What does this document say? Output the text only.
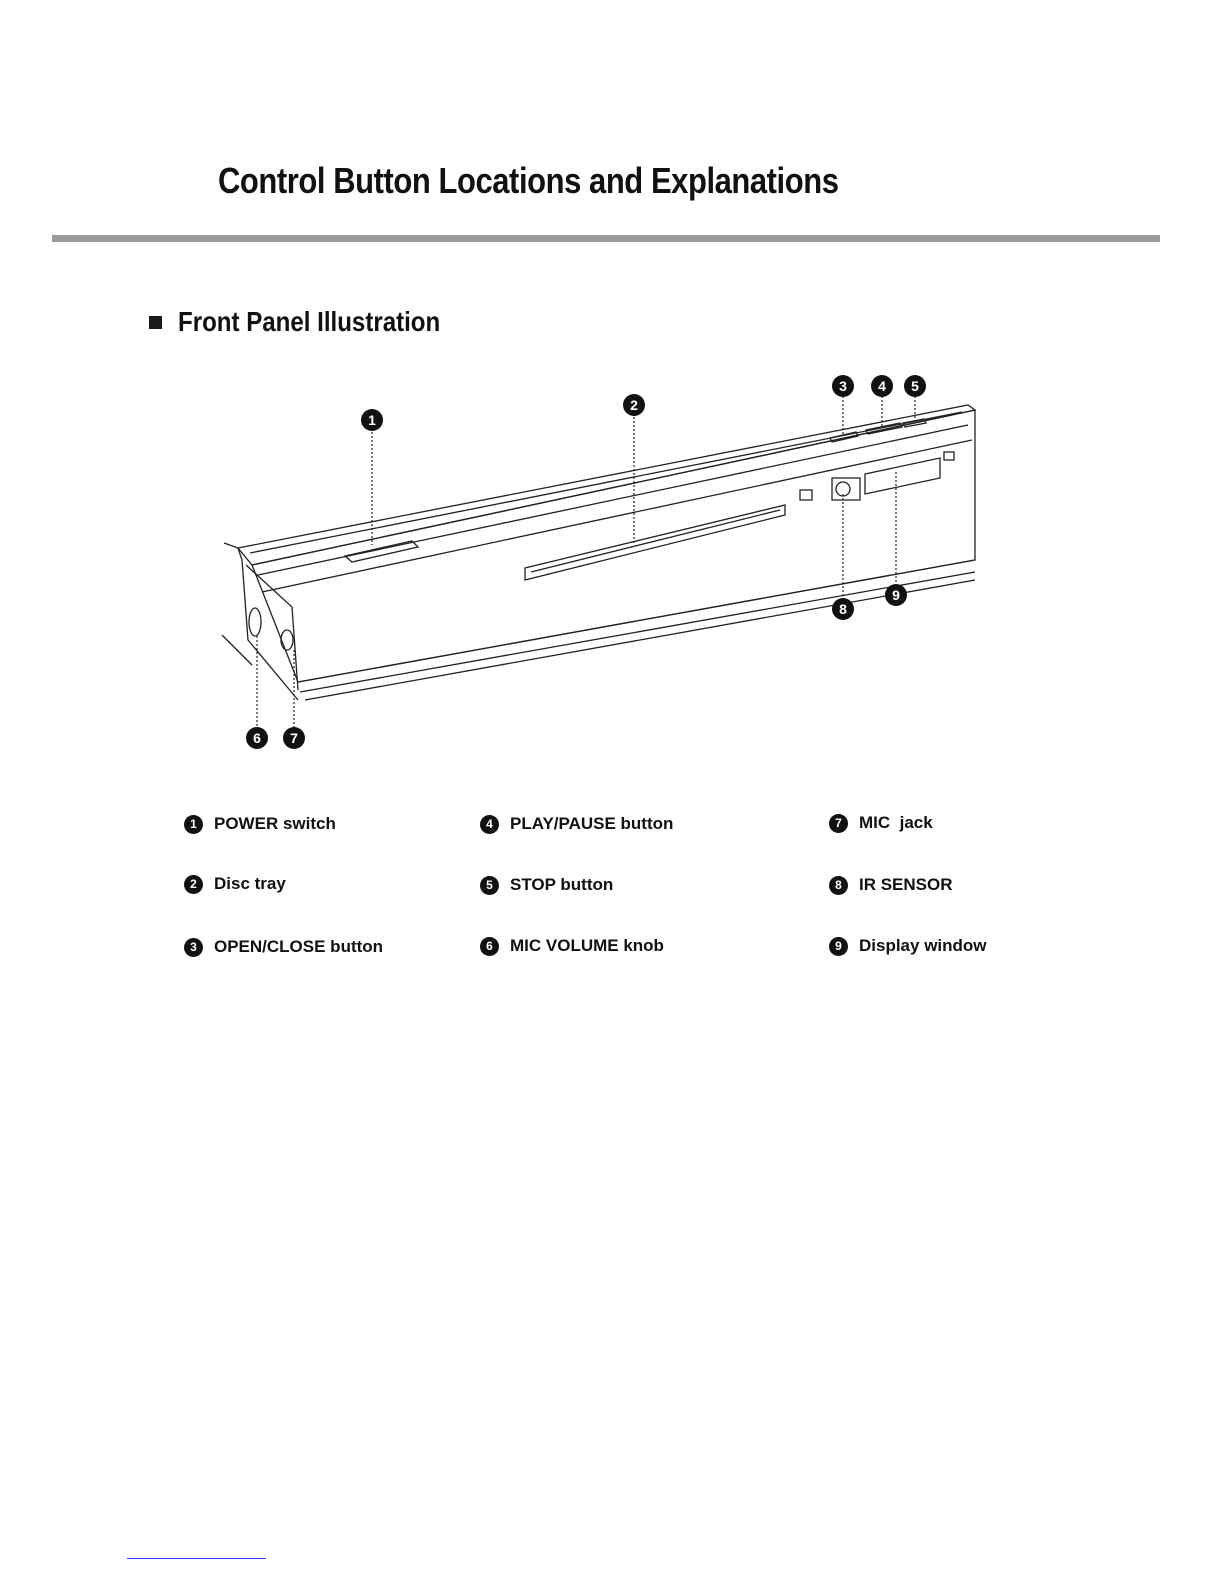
Control Button Locations and Explanations
Front Panel Illustration
1
2
3	4	5
6	7
8
9
1	POWER switch
2	Disc tray
3	OPEN/CLOSE button
4	PLAY/PAUSE button
5	STOP button
6	MIC VOLUME knob
7	MIC  jack
8	IR SENSOR
9	Display window
